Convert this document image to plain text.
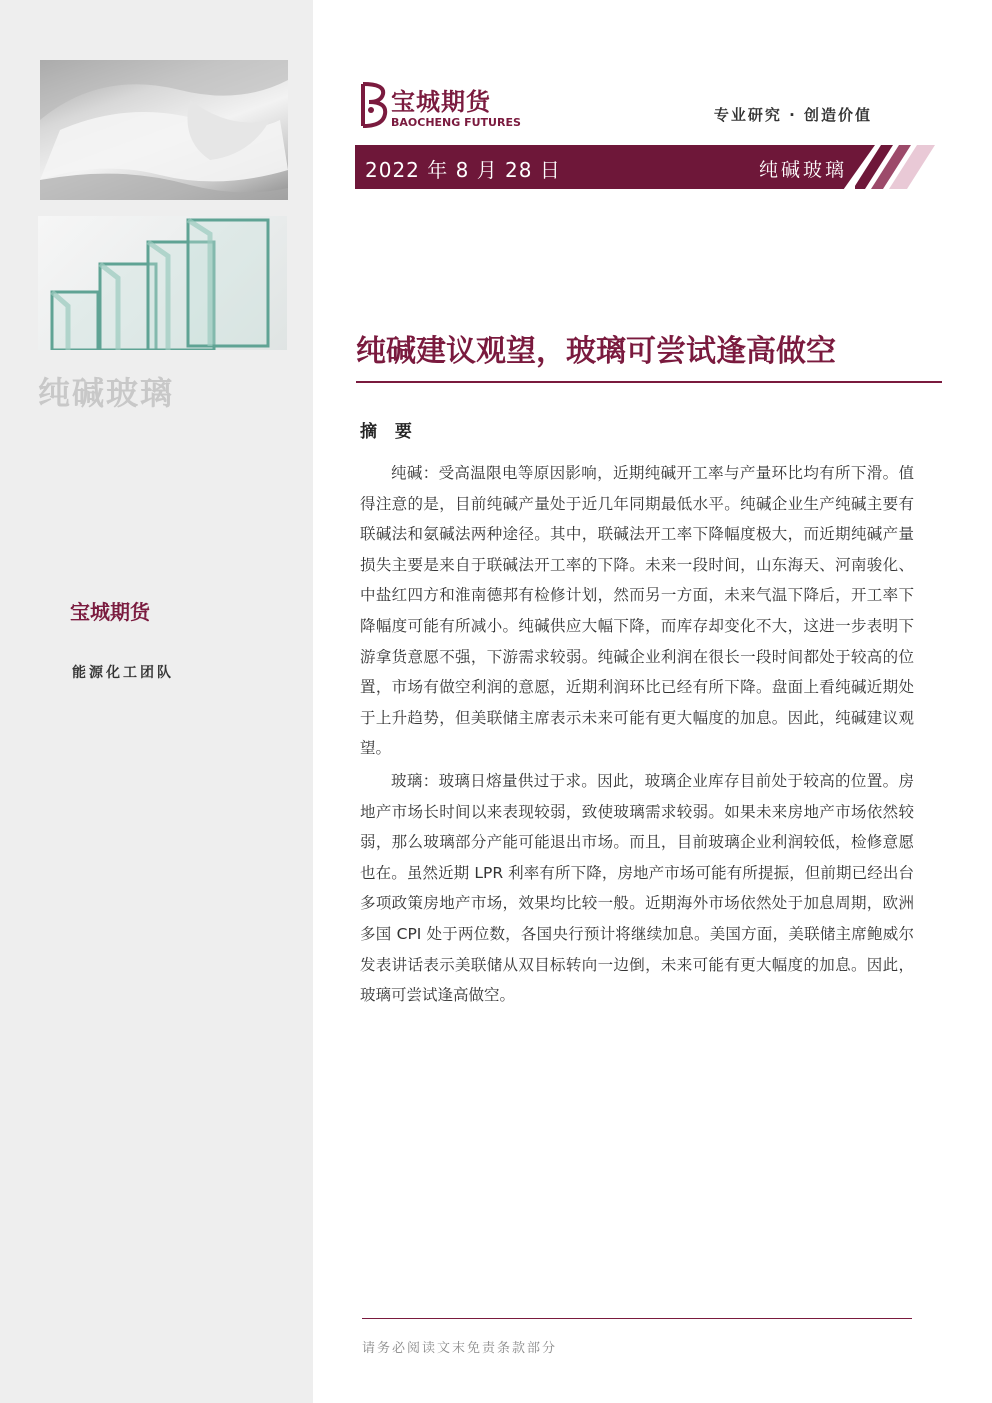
纯碱玻璃
宝城期货
能源化工团队
宝城期货
BAOCHENG FUTURES	专业研究 · 创造价值
2022 年 8 月 28 日	纯碱玻璃
纯碱建议观望，玻璃可尝试逢高做空
摘 要

纯碱：受高温限电等原因影响，近期纯碱开工率与产量环比均有所下滑。值得注意的是，目前纯碱产量处于近几年同期最低水平。纯碱企业生产纯碱主要有联碱法和氨碱法两种途径。其中，联碱法开工率下降幅度极大，而近期纯碱产量损失主要是来自于联碱法开工率的下降。未来一段时间，山东海天、河南骏化、中盐红四方和淮南德邦有检修计划，然而另一方面，未来气温下降后，开工率下降幅度可能有所减小。纯碱供应大幅下降，而库存却变化不大，这进一步表明下游拿货意愿不强，下游需求较弱。纯碱企业利润在很长一段时间都处于较高的位置，市场有做空利润的意愿，近期利润环比已经有所下降。盘面上看纯碱近期处于上升趋势，但美联储主席表示未来可能有更大幅度的加息。因此，纯碱建议观望。

玻璃：玻璃日熔量供过于求。因此，玻璃企业库存目前处于较高的位置。房地产市场长时间以来表现较弱，致使玻璃需求较弱。如果未来房地产市场依然较弱，那么玻璃部分产能可能退出市场。而且，目前玻璃企业利润较低，检修意愿也在。虽然近期 LPR 利率有所下降，房地产市场可能有所提振，但前期已经出台多项政策房地产市场，效果均比较一般。近期海外市场依然处于加息周期，欧洲多国 CPI 处于两位数，各国央行预计将继续加息。美国方面，美联储主席鲍威尔发表讲话表示美联储从双目标转向一边倒，未来可能有更大幅度的加息。因此，玻璃可尝试逢高做空。

请务必阅读文末免责条款部分
